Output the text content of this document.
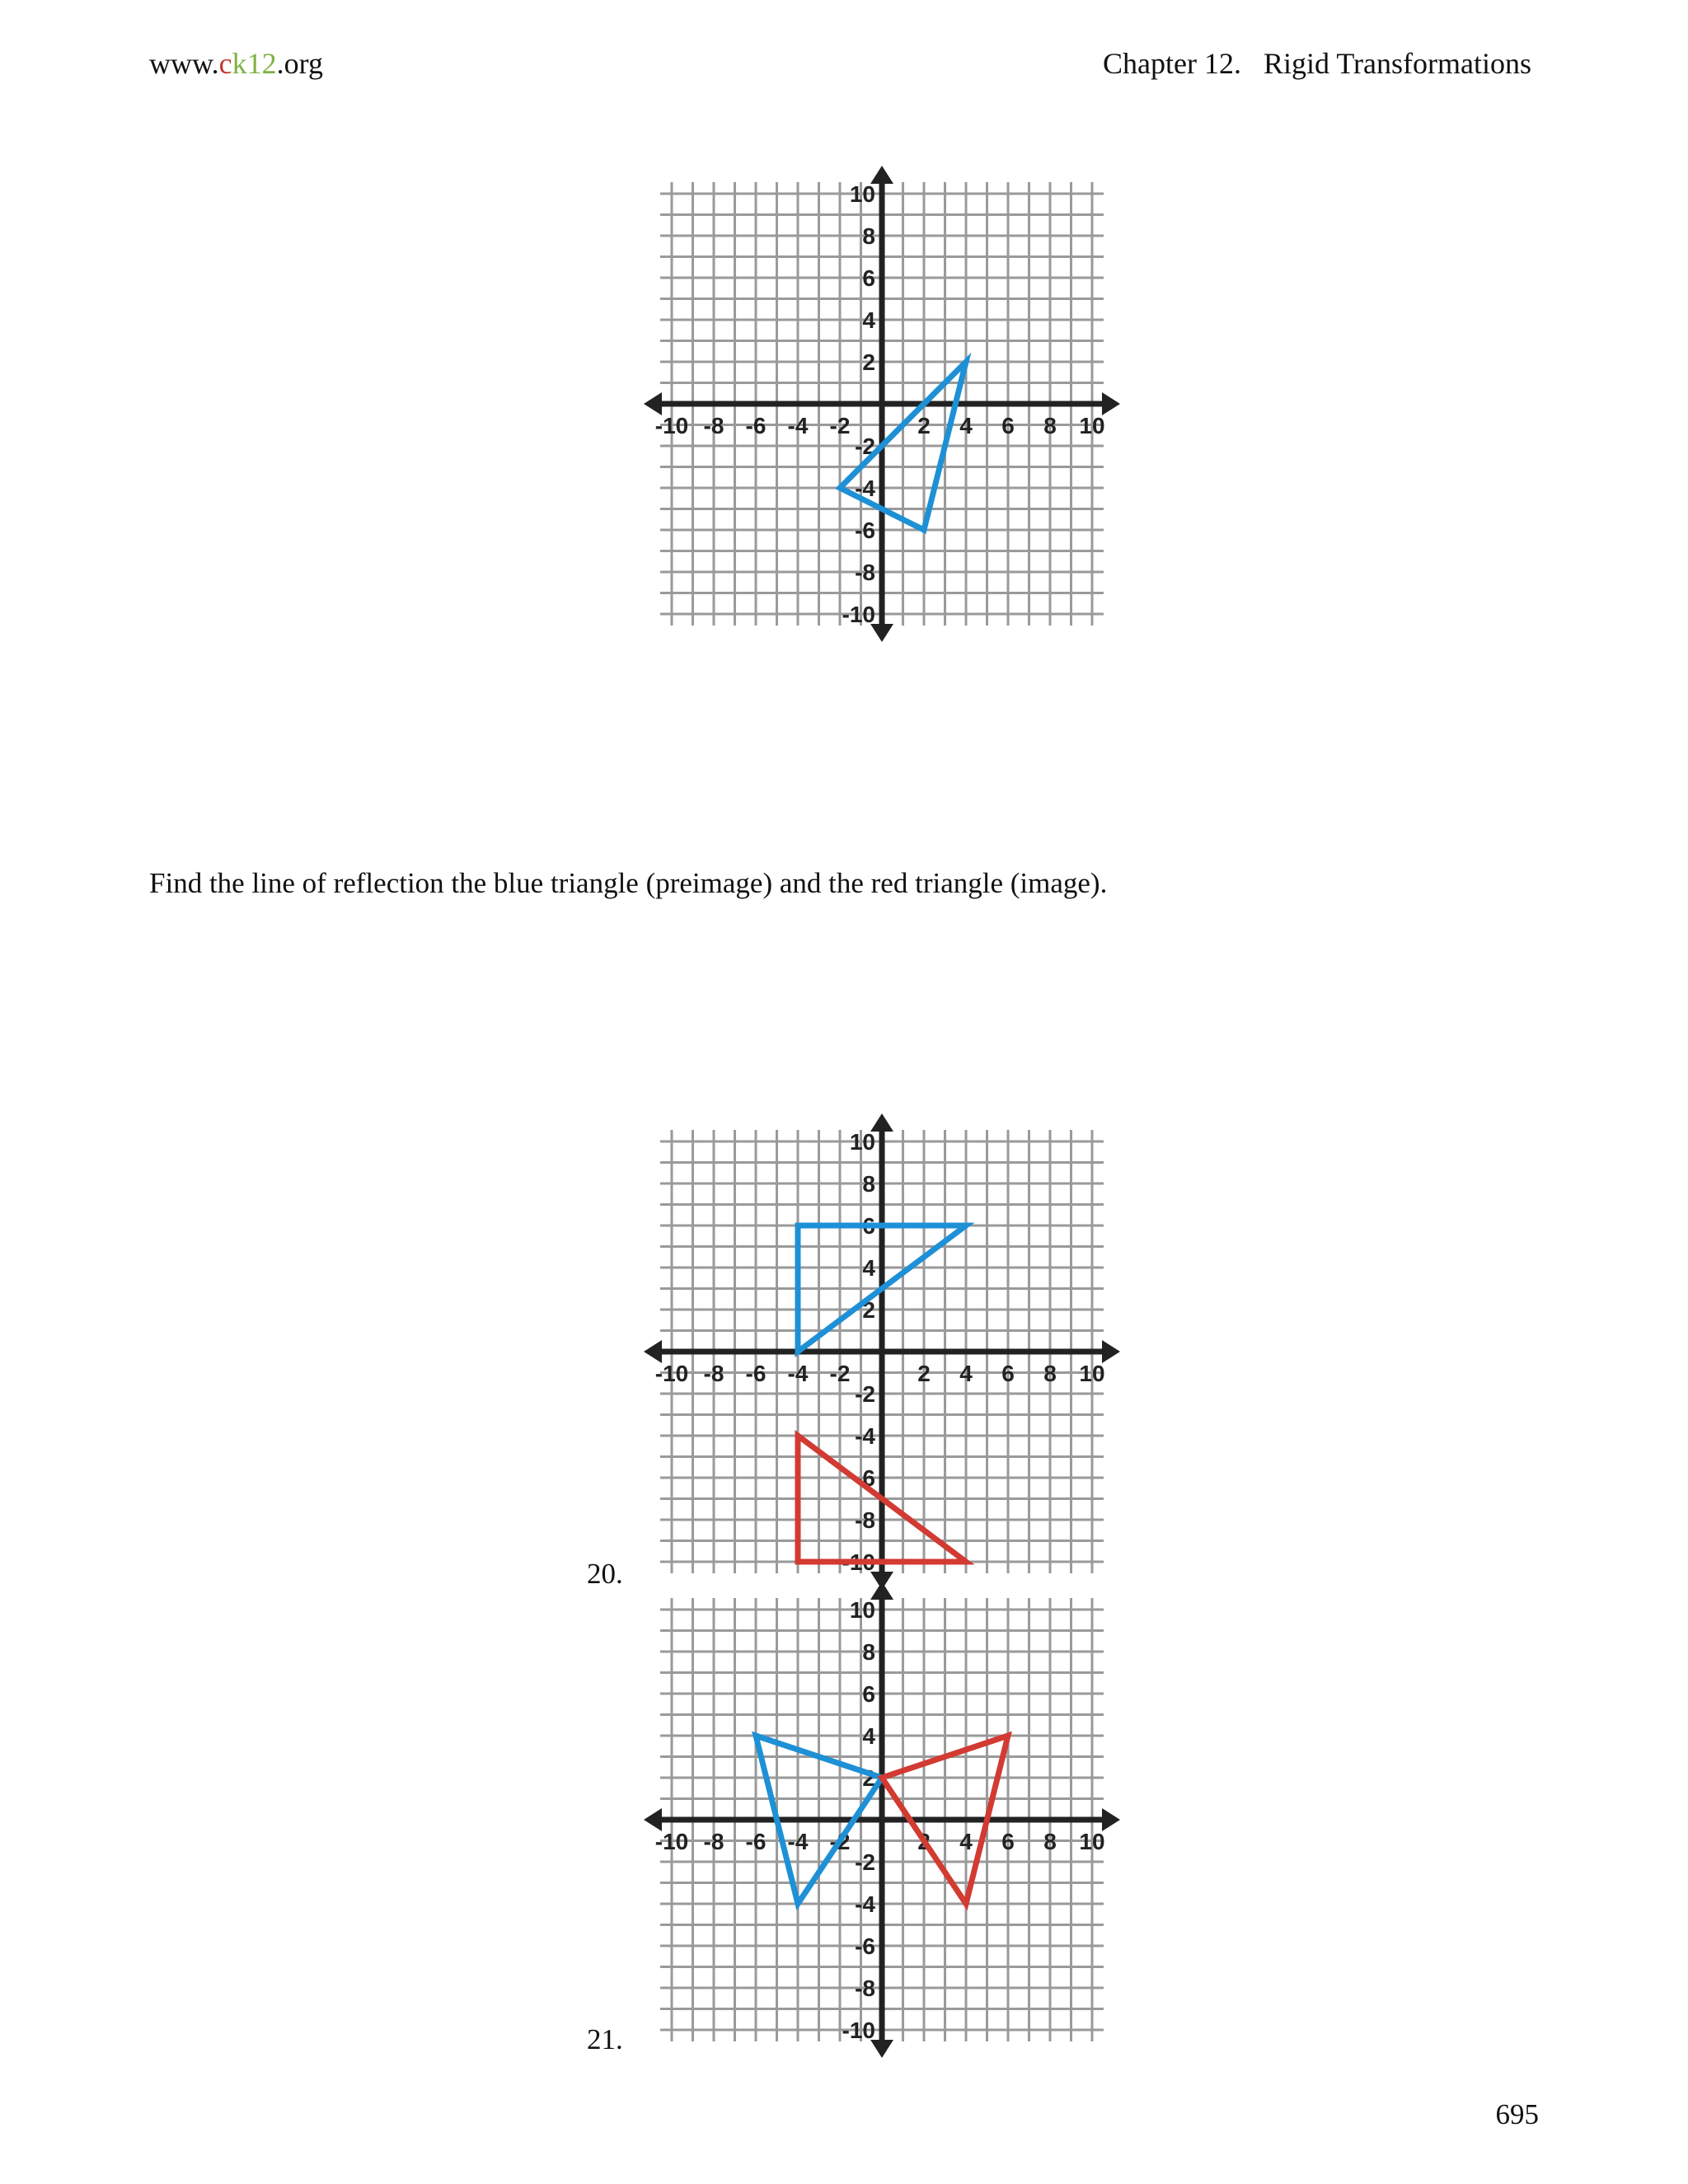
www.ck12.org	Chapter 12.   Rigid Transformations
-10 -8 -6 -4 -2	2 4 6 8 10
10
8
6
4
2
-2
-4
-6
-8
-10
Find the line of reflection the blue triangle (preimage) and the red triangle (image).
-10 -8 -6 -4 -2	2 4 6 8 10
10
8
6
4
2
-2
-4
-6
-8
-10
20.
-10 -8 -6 -4 -2	2 4 6 8 10
10
8
6
4
2
-2
-4
-6
-8
-10
21.
695
